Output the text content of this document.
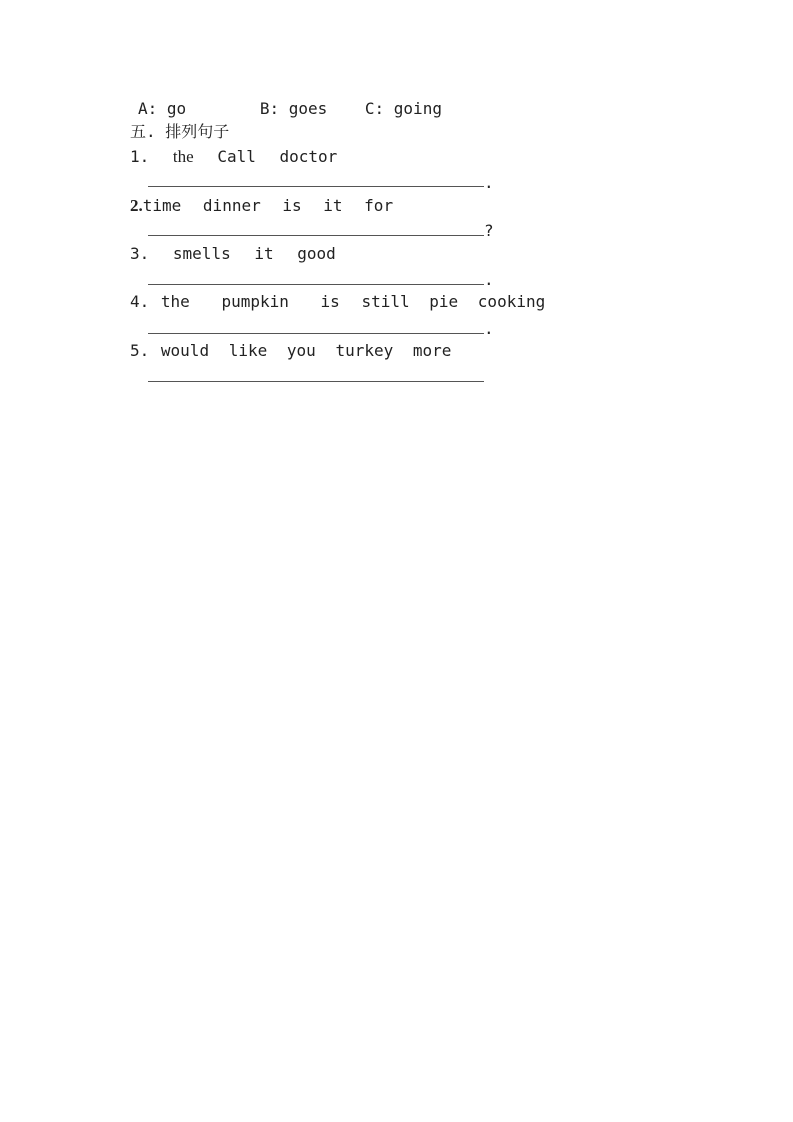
A: go	B: goes C: going
五. 排列句子
1. the Call doctor
.
2.time dinner is it for
?
3. smells it good
.
4. the pumpkin is still pie cooking
.
5. would like you turkey more
